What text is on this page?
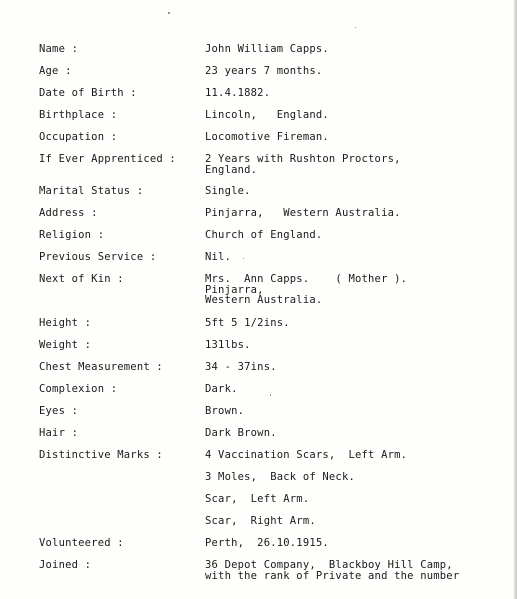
Name :	John William Capps.
Age :	23 years 7 months.
Date of Birth :	11.4.1882.
Birthplace :	Lincoln,   England.
Occupation :	Locomotive Fireman.
If Ever Apprenticed :	2 Years with Rushton Proctors,
England.
Marital Status :	Single.
Address :	Pinjarra,   Western Australia.
Religion :	Church of England.
Previous Service :	Nil.
Next of Kin :	Mrs.  Ann Capps.    ( Mother ).
Pinjarra,
Western Australia.
Height :	5ft 5 1/2ins.
Weight :	131lbs.
Chest Measurement :	34 - 37ins.
Complexion :	Dark.
Eyes :	Brown.
Hair :	Dark Brown.
Distinctive Marks :	4 Vaccination Scars,  Left Arm.
3 Moles,  Back of Neck.
Scar,  Left Arm.
Scar,  Right Arm.
Volunteered :	Perth,  26.10.1915.
Joined :	36 Depot Company,  Blackboy Hill Camp,
with the rank of Private and the number
